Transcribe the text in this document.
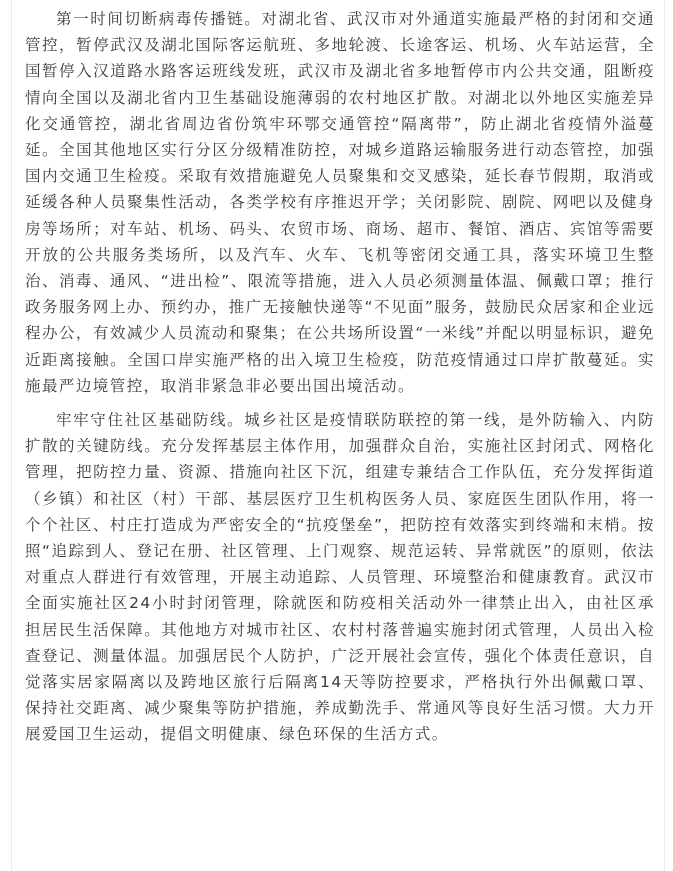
第一时间切断病毒传播链。对湖北省、武汉市对外通道实施最严格的封闭和交通管控，暂停武汉及湖北国际客运航班、多地轮渡、长途客运、机场、火车站运营，全国暂停入汉道路水路客运班线发班，武汉市及湖北省多地暂停市内公共交通，阻断疫情向全国以及湖北省内卫生基础设施薄弱的农村地区扩散。对湖北以外地区实施差异化交通管控，湖北省周边省份筑牢环鄂交通管控“隔离带”，防止湖北省疫情外溢蔓延。全国其他地区实行分区分级精准防控，对城乡道路运输服务进行动态管控，加强国内交通卫生检疫。采取有效措施避免人员聚集和交叉感染，延长春节假期，取消或延缓各种人员聚集性活动，各类学校有序推迟开学；关闭影院、剧院、网吧以及健身房等场所；对车站、机场、码头、农贸市场、商场、超市、餐馆、酒店、宾馆等需要开放的公共服务类场所，以及汽车、火车、飞机等密闭交通工具，落实环境卫生整治、消毒、通风、“进出检”、限流等措施，进入人员必须测量体温、佩戴口罩；推行政务服务网上办、预约办，推广无接触快递等“不见面”服务，鼓励民众居家和企业远程办公，有效减少人员流动和聚集；在公共场所设置“一米线”并配以明显标识，避免近距离接触。全国口岸实施严格的出入境卫生检疫，防范疫情通过口岸扩散蔓延。实施最严边境管控，取消非紧急非必要出国出境活动。

牢牢守住社区基础防线。城乡社区是疫情联防联控的第一线，是外防输入、内防扩散的关键防线。充分发挥基层主体作用，加强群众自治，实施社区封闭式、网格化管理，把防控力量、资源、措施向社区下沉，组建专兼结合工作队伍，充分发挥街道（乡镇）和社区（村）干部、基层医疗卫生机构医务人员、家庭医生团队作用，将一个个社区、村庄打造成为严密安全的“抗疫堡垒”，把防控有效落实到终端和末梢。按照“追踪到人、登记在册、社区管理、上门观察、规范运转、异常就医”的原则，依法对重点人群进行有效管理，开展主动追踪、人员管理、环境整治和健康教育。武汉市全面实施社区24小时封闭管理，除就医和防疫相关活动外一律禁止出入，由社区承担居民生活保障。其他地方对城市社区、农村村落普遍实施封闭式管理，人员出入检查登记、测量体温。加强居民个人防护，广泛开展社会宣传，强化个体责任意识，自觉落实居家隔离以及跨地区旅行后隔离14天等防控要求，严格执行外出佩戴口罩、保持社交距离、减少聚集等防护措施，养成勤洗手、常通风等良好生活习惯。大力开展爱国卫生运动，提倡文明健康、绿色环保的生活方式。
